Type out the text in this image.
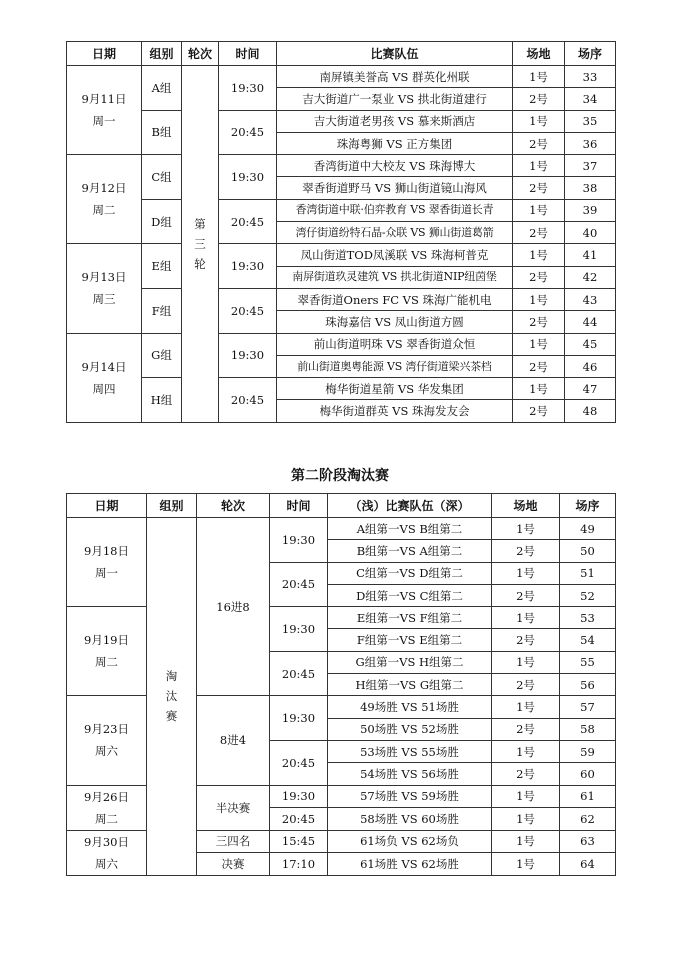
日期	组别	轮次	时间	比赛队伍	场地	场序
9月11日
周一	A组	第
三
轮	19:30	南屏镇美誉高 VS 群英化州联	1号	33
				吉大街道广一泵业 VS 拱北街道建行	2号	34
	B组		20:45	吉大街道老男孩 VS 慕来斯酒店	1号	35
				珠海粤狮 VS 正方集团	2号	36
9月12日
周二	C组		19:30	香湾街道中大校友 VS 珠海博大	1号	37
				翠香街道野马 VS 狮山街道镜山海风	2号	38
	D组		20:45	香湾街道中联·伯弈教育 VS 翠香街道长青	1号	39
				湾仔街道纷特石晶-众联 VS 狮山街道葛箭	2号	40
9月13日
周三	E组		19:30	凤山街道TOD凤溪联 VS 珠海柯普克	1号	41
				南屏街道玖灵建筑 VS 拱北街道NIP纽茵堡	2号	42
	F组		20:45	翠香街道Oners FC VS 珠海广能机电	1号	43
				珠海嘉信 VS 凤山街道方圆	2号	44
9月14日
周四	G组		19:30	前山街道明珠 VS 翠香街道众恒	1号	45
				前山街道奥粤能源 VS 湾仔街道梁兴茶档	2号	46
	H组		20:45	梅华街道星箭 VS 华发集团	1号	47
				梅华街道群英 VS 珠海发友会	2号	48
第二阶段淘汰赛
日期	组别	轮次	时间	（浅）比赛队伍（深）	场地	场序
9月18日
周一	淘
汰
赛	16进8	19:30	A组第一VS B组第二	1号	49
				B组第一VS A组第二	2号	50
			20:45	C组第一VS D组第二	1号	51
				D组第一VS C组第二	2号	52
9月19日
周二			19:30	E组第一VS F组第二	1号	53
				F组第一VS E组第二	2号	54
			20:45	G组第一VS H组第二	1号	55
				H组第一VS G组第二	2号	56
9月23日
周六		8进4	19:30	49场胜 VS 51场胜	1号	57
				50场胜 VS 52场胜	2号	58
			20:45	53场胜 VS 55场胜	1号	59
				54场胜 VS 56场胜	2号	60
9月26日
周二		半决赛	19:30	57场胜 VS 59场胜	1号	61
			20:45	58场胜 VS 60场胜	1号	62
9月30日
周六		三四名	15:45	61场负 VS 62场负	1号	63
		决赛	17:10	61场胜 VS 62场胜	1号	64
